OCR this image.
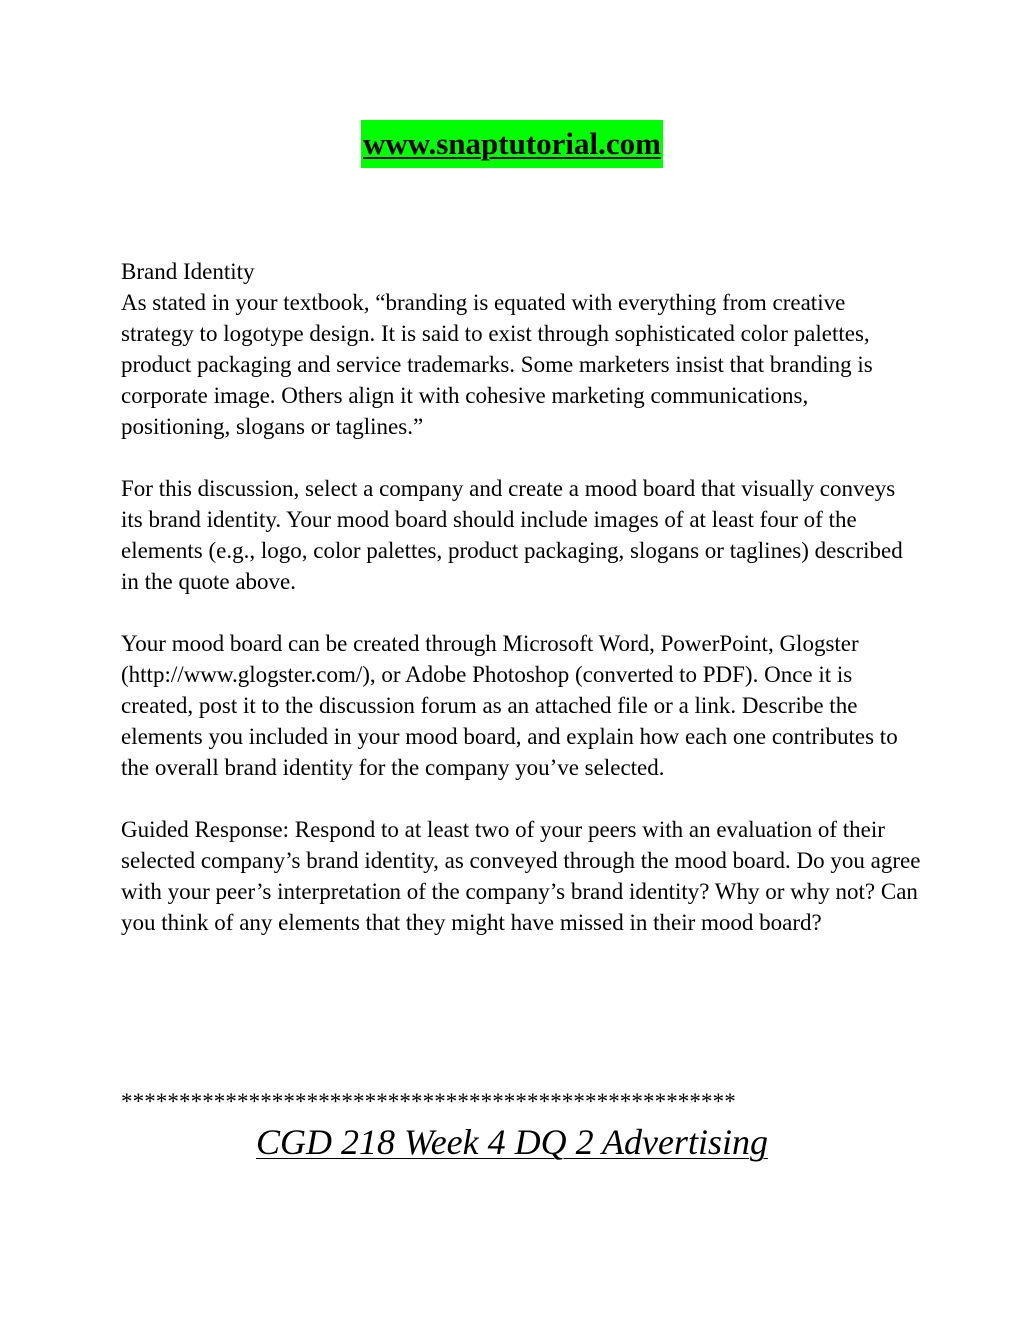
www.snaptutorial.com

Brand Identity

As stated in your textbook, “branding is equated with everything from creative strategy to logotype design. It is said to exist through sophisticated color palettes, product packaging and service trademarks. Some marketers insist that branding is corporate image. Others align it with cohesive marketing communications, positioning, slogans or taglines.”

For this discussion, select a company and create a mood board that visually conveys its brand identity. Your mood board should include images of at least four of the elements (e.g., logo, color palettes, product packaging, slogans or taglines) described in the quote above.

Your mood board can be created through Microsoft Word, PowerPoint, Glogster (http://www.glogster.com/), or Adobe Photoshop (converted to PDF). Once it is created, post it to the discussion forum as an attached file or a link. Describe the elements you included in your mood board, and explain how each one contributes to the overall brand identity for the company you’ve selected.

Guided Response: Respond to at least two of your peers with an evaluation of their selected company’s brand identity, as conveyed through the mood board. Do you agree with your peer’s interpretation of the company’s brand identity? Why or why not? Can you think of any elements that they might have missed in their mood board?

*****************************************************
CGD 218 Week 4 DQ 2 Advertising
